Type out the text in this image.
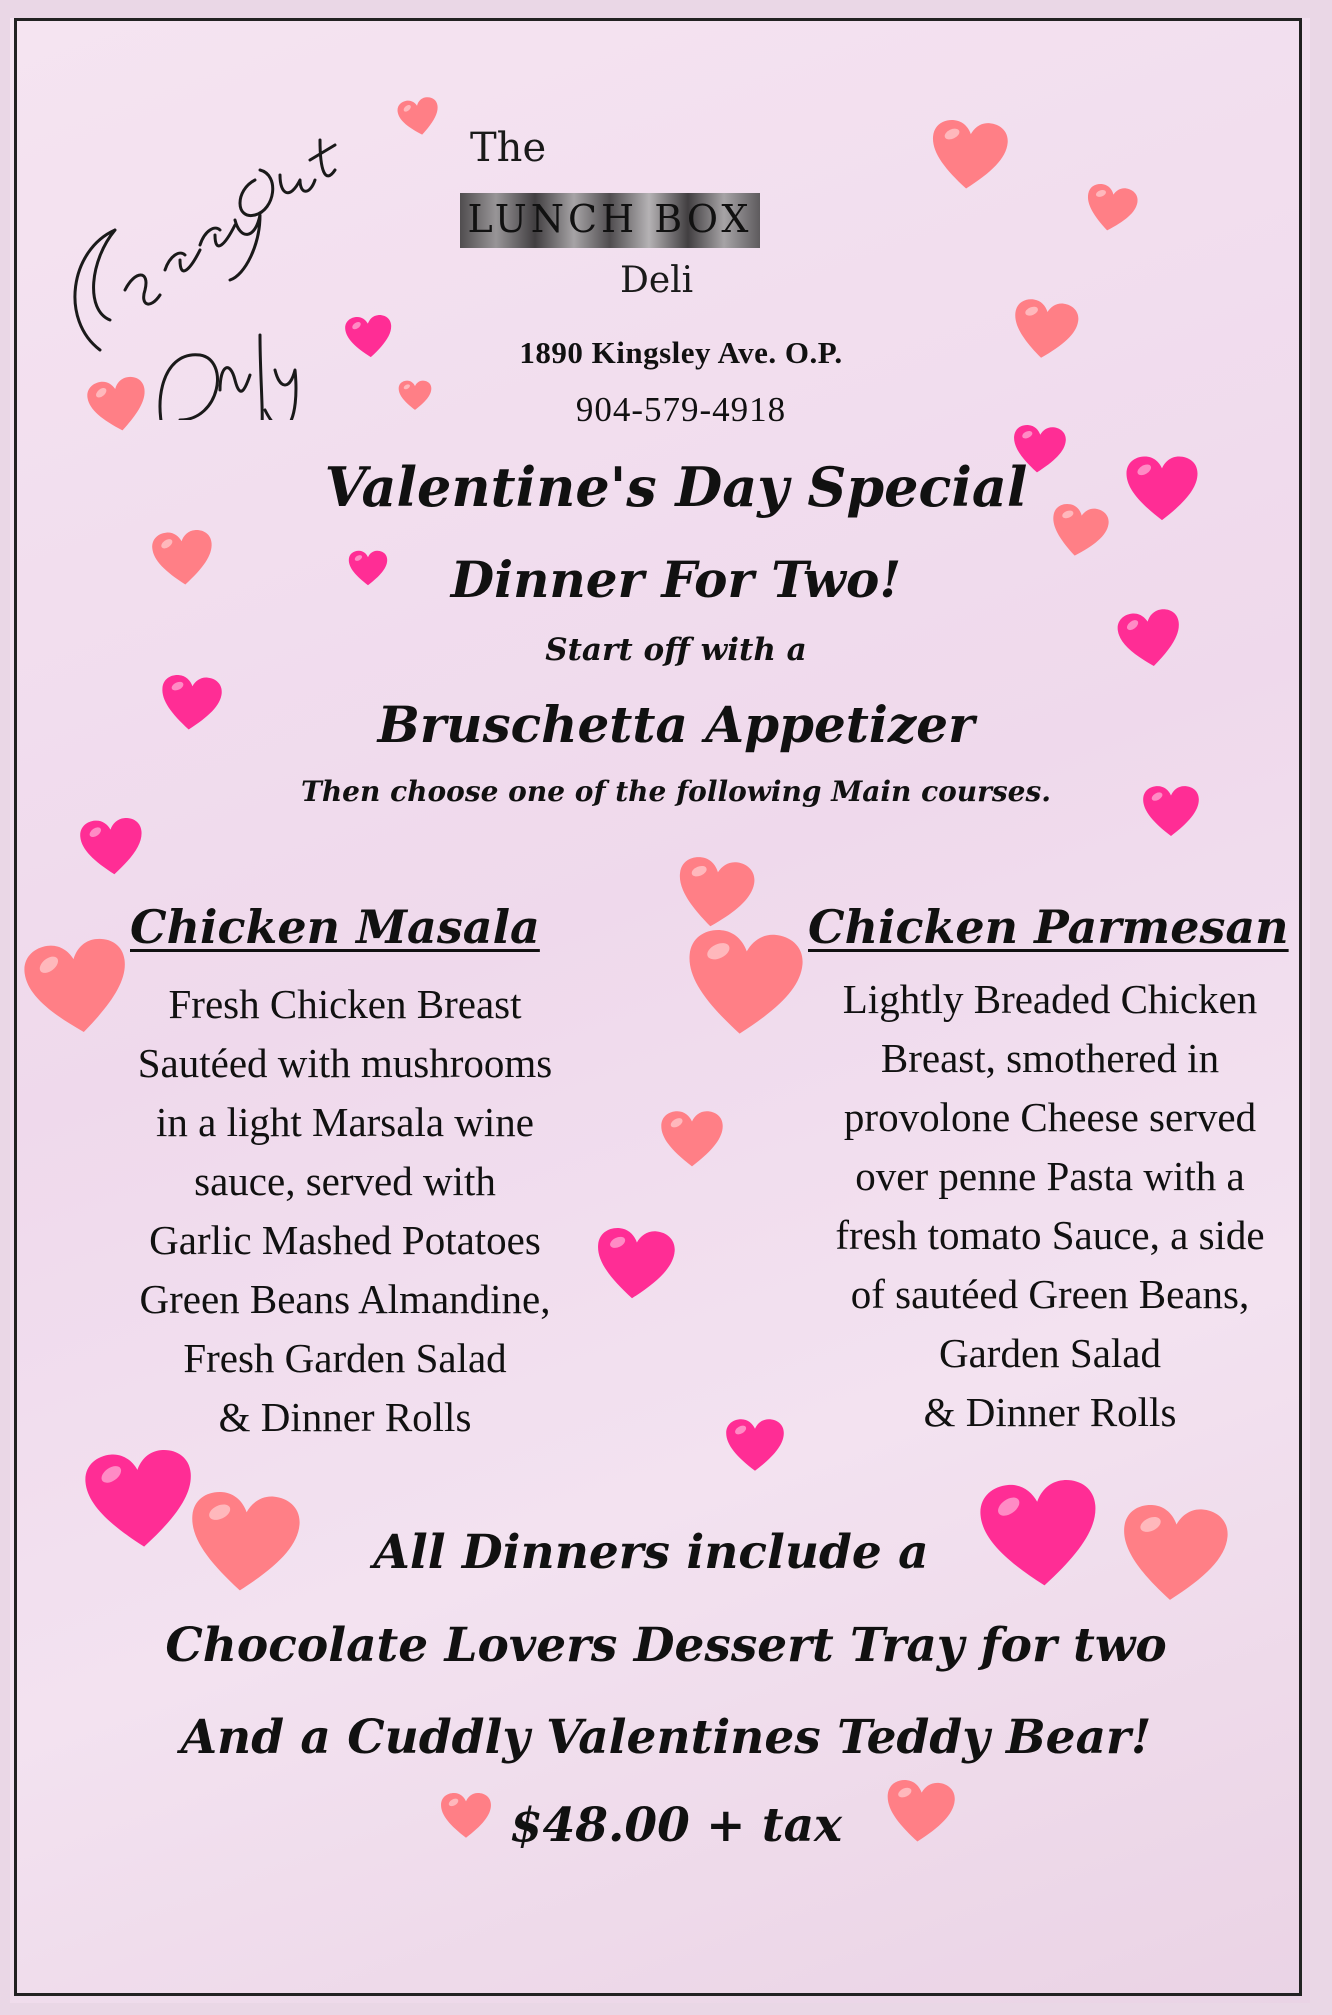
The
LUNCH BOX
Deli
1890 Kingsley Ave. O.P.
904-579-4918
Valentine's Day Special
Dinner For Two!
Start off with a
Bruschetta Appetizer
Then choose one of the following Main courses.
Chicken Masala
Fresh Chicken Breast
Sautéed with mushrooms
in a light Marsala wine
sauce, served with
Garlic Mashed Potatoes
Green Beans Almandine,
Fresh Garden Salad
& Dinner Rolls
Chicken Parmesan
Lightly Breaded Chicken
Breast, smothered in
provolone Cheese served
over penne Pasta with a
fresh tomato Sauce, a side
of sautéed Green Beans,
Garden Salad
& Dinner Rolls
All Dinners include a
Chocolate Lovers Dessert Tray for two
And a Cuddly Valentines Teddy Bear!
$48.00 + tax
